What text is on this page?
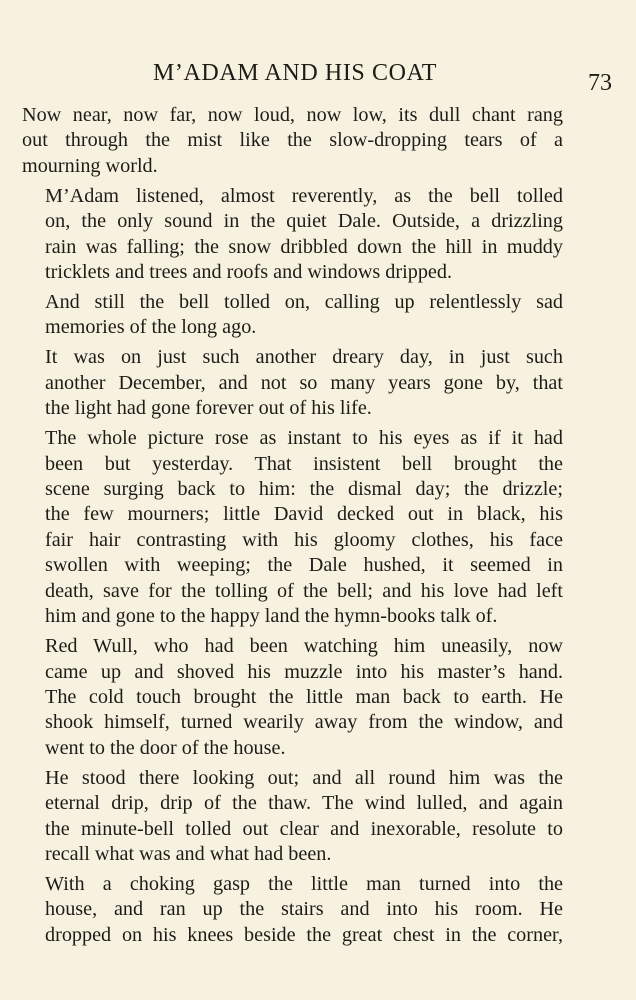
M’ADAM AND HIS COAT	73

Now near, now far, now loud, now low, its dull chant rang
out through the mist like the slow-dropping tears of a
mourning world.

M’Adam listened, almost reverently, as the bell tolled
on, the only sound in the quiet Dale. Outside, a drizzling
rain was falling; the snow dribbled down the hill in muddy
tricklets and trees and roofs and windows dripped.

And still the bell tolled on, calling up relentlessly sad
memories of the long ago.

It was on just such another dreary day, in just such
another December, and not so many years gone by, that
the light had gone forever out of his life.

The whole picture rose as instant to his eyes as if it had
been but yesterday. That insistent bell brought the
scene surging back to him: the dismal day; the drizzle;
the few mourners; little David decked out in black, his
fair hair contrasting with his gloomy clothes, his face
swollen with weeping; the Dale hushed, it seemed in
death, save for the tolling of the bell; and his love had left
him and gone to the happy land the hymn-books talk of.

Red Wull, who had been watching him uneasily, now
came up and shoved his muzzle into his master’s hand.
The cold touch brought the little man back to earth. He
shook himself, turned wearily away from the window, and
went to the door of the house.

He stood there looking out; and all round him was the
eternal drip, drip of the thaw. The wind lulled, and again
the minute-bell tolled out clear and inexorable, resolute to
recall what was and what had been.

With a choking gasp the little man turned into the
house, and ran up the stairs and into his room. He
dropped on his knees beside the great chest in the corner,
